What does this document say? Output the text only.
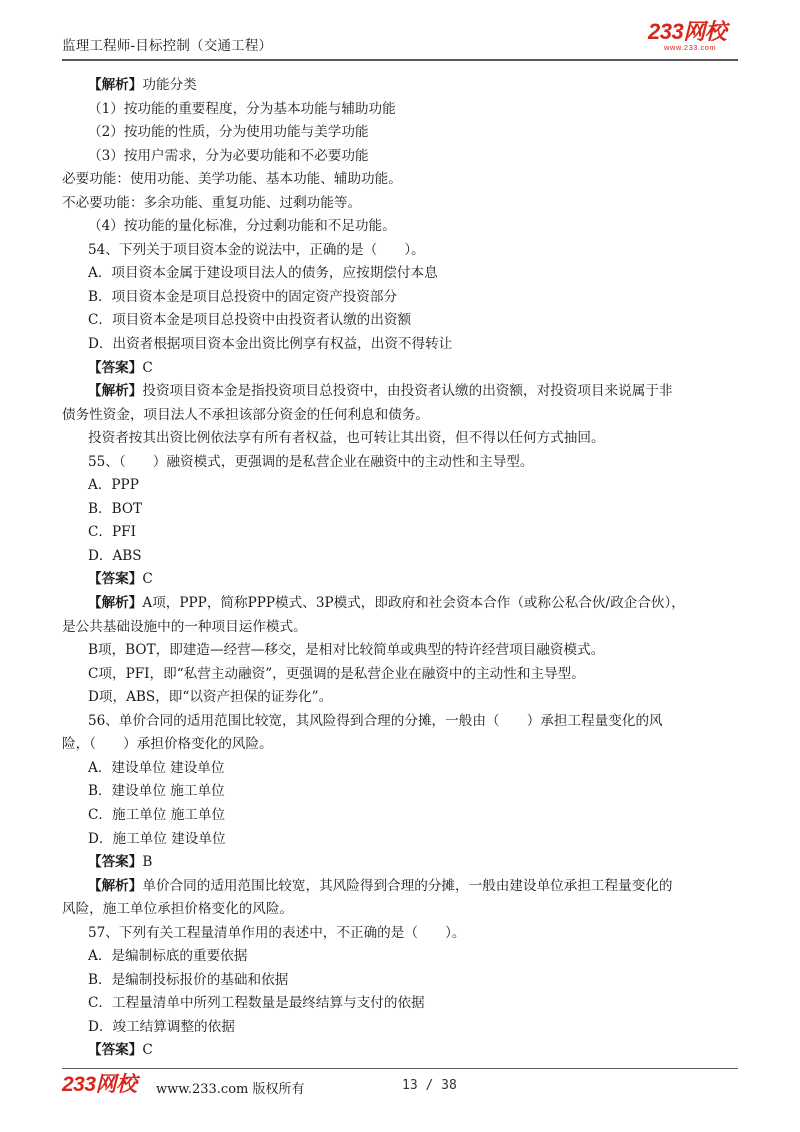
监理工程师-目标控制（交通工程）
233网校
www.233.com
【解析】功能分类
（1）按功能的重要程度，分为基本功能与辅助功能
（2）按功能的性质，分为使用功能与美学功能
（3）按用户需求，分为必要功能和不必要功能
必要功能：使用功能、美学功能、基本功能、辅助功能。
不必要功能：多余功能、重复功能、过剩功能等。
（4）按功能的量化标准，分过剩功能和不足功能。
54、下列关于项目资本金的说法中，正确的是（　　）。
A．项目资本金属于建设项目法人的债务，应按期偿付本息
B．项目资本金是项目总投资中的固定资产投资部分
C．项目资本金是项目总投资中由投资者认缴的出资额
D．出资者根据项目资本金出资比例享有权益，出资不得转让
【答案】C
【解析】投资项目资本金是指投资项目总投资中，由投资者认缴的出资额，对投资项目来说属于非
债务性资金，项目法人不承担该部分资金的任何利息和债务。
投资者按其出资比例依法享有所有者权益，也可转让其出资，但不得以任何方式抽回。
55、（　　）融资模式，更强调的是私营企业在融资中的主动性和主导型。
A．PPP
B．BOT
C．PFI
D．ABS
【答案】C
【解析】A项，PPP，简称PPP模式、3P模式，即政府和社会资本合作（或称公私合伙/政企合伙），
是公共基础设施中的一种项目运作模式。
B项，BOT，即建造—经营—移交，是相对比较简单或典型的特许经营项目融资模式。
C项，PFI，即“私营主动融资”，更强调的是私营企业在融资中的主动性和主导型。
D项，ABS，即“以资产担保的证券化”。
56、单价合同的适用范围比较宽，其风险得到合理的分摊，一般由（　　）承担工程量变化的风
险，（　　）承担价格变化的风险。
A．建设单位 建设单位
B．建设单位 施工单位
C．施工单位 施工单位
D．施工单位 建设单位
【答案】B
【解析】单价合同的适用范围比较宽，其风险得到合理的分摊，一般由建设单位承担工程量变化的
风险，施工单位承担价格变化的风险。
57、下列有关工程量清单作用的表述中，不正确的是（　　）。
A．是编制标底的重要依据
B．是编制投标报价的基础和依据
C．工程量清单中所列工程数量是最终结算与支付的依据
D．竣工结算调整的依据
【答案】C
233网校 www.233.com 版权所有	13 / 38
